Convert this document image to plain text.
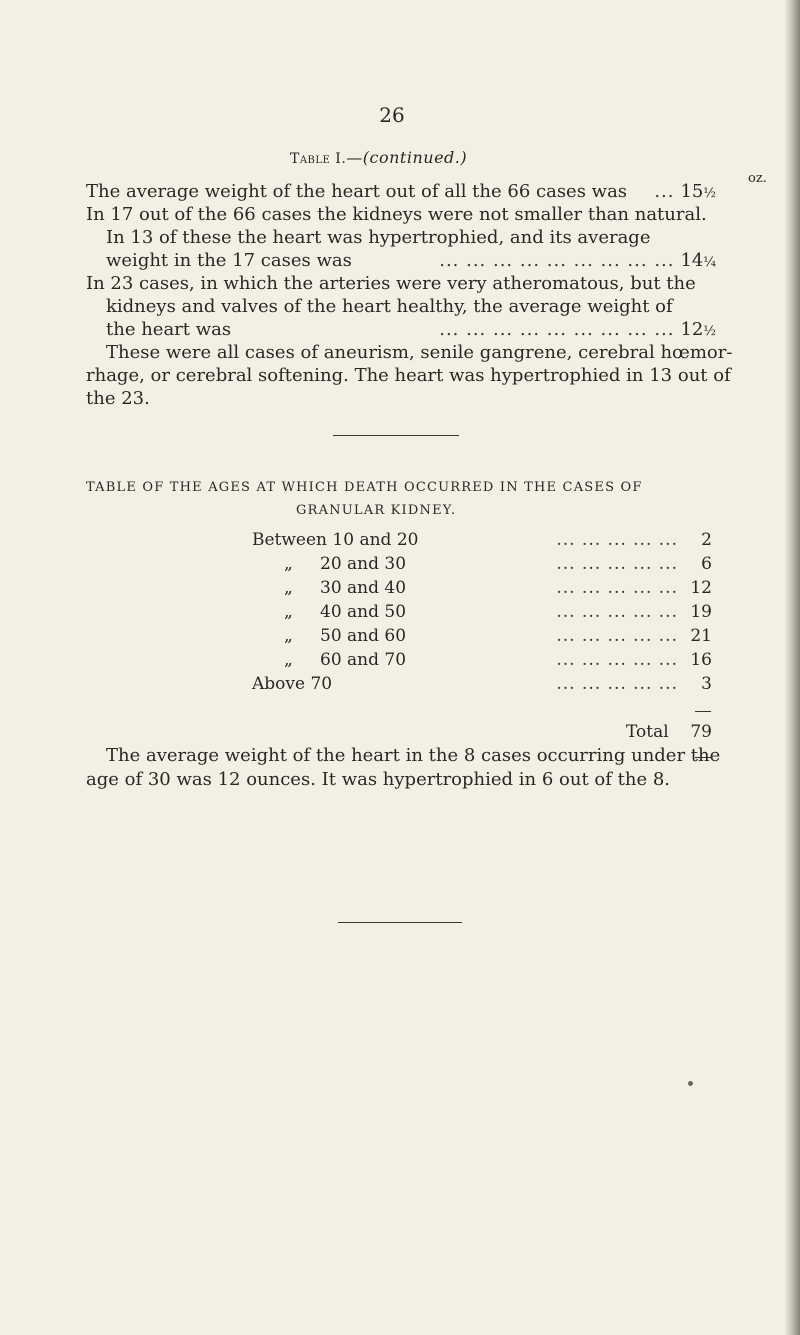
26
Table I.—(continued.)
oz.
The average weight of the heart out of all the 66 cases was	... 15½
In 17 out of the 66 cases the kidneys were not smaller than natural.
In 13 of these the heart was hypertrophied, and its average
weight in the 17 cases was	... ... ... ... ... ... ... ... ... 14¼
In 23 cases, in which the arteries were very atheromatous, but the
kidneys and valves of the heart healthy, the average weight of
the heart was	... ... ... ... ... ... ... ... ... 12½
These were all cases of aneurism, senile gangrene, cerebral hœmor-
rhage, or cerebral softening. The heart was hypertrophied in 13 out of
the 23.
TABLE OF THE AGES AT WHICH DEATH OCCURRED IN THE CASES OF
GRANULAR KIDNEY.
Between 10 and 20	... ... ... ... ...	2
„ 20 and 30	... ... ... ... ...	6
„ 30 and 40	... ... ... ... ... 12
„ 40 and 50	... ... ... ... ... 19
„ 50 and 60	... ... ... ... ... 21
„ 60 and 70	... ... ... ... ... 16
Above 70	... ... ... ... ...	3
Total 79
The average weight of the heart in the 8 cases occurring under the
age of 30 was 12 ounces. It was hypertrophied in 6 out of the 8.
